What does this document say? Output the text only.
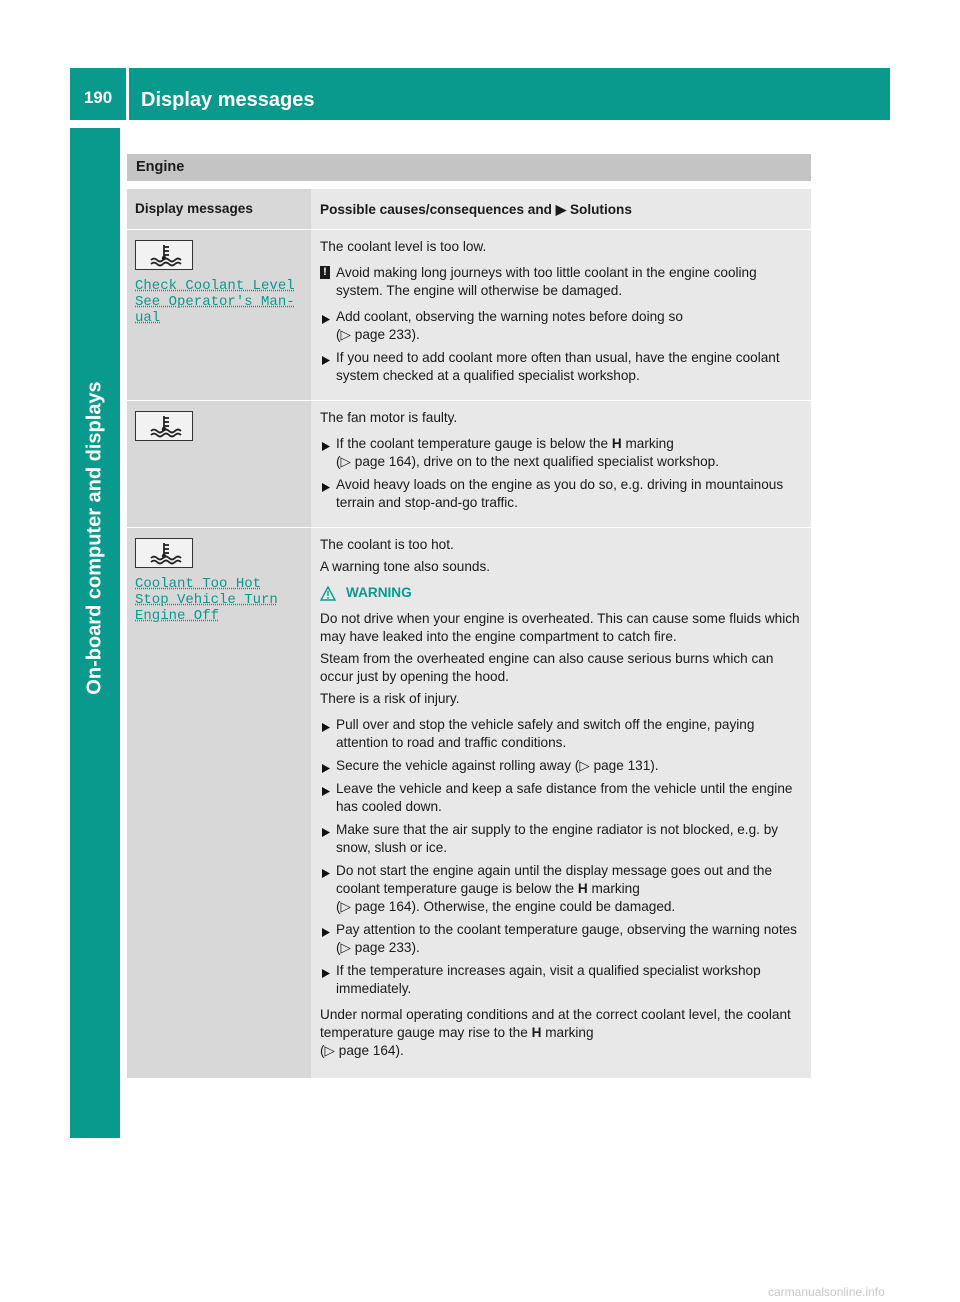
190	Display messages
On-board computer and displays
Engine
Display messages	Possible causes/consequences and ▶ Solutions
Check Coolant Level
See Operator's Man-
ual

The coolant level is too low.

! Avoid making long journeys with too little coolant in the engine cooling system. The engine will otherwise be damaged.
Add coolant, observing the warning notes before doing so
(▷ page 233).
If you need to add coolant more often than usual, have the engine coolant system checked at a qualified specialist workshop.

The fan motor is faulty.

If the coolant temperature gauge is below the H marking
(▷ page 164), drive on to the next qualified specialist workshop.
Avoid heavy loads on the engine as you do so, e.g. driving in mountainous terrain and stop-and-go traffic.
Coolant Too Hot
Stop Vehicle Turn
Engine Off

The coolant is too hot.

A warning tone also sounds.

WARNING

Do not drive when your engine is overheated. This can cause some fluids which may have leaked into the engine compartment to catch fire.

Steam from the overheated engine can also cause serious burns which can occur just by opening the hood.

There is a risk of injury.

Pull over and stop the vehicle safely and switch off the engine, paying attention to road and traffic conditions.
Secure the vehicle against rolling away (▷ page 131).
Leave the vehicle and keep a safe distance from the vehicle until the engine has cooled down.
Make sure that the air supply to the engine radiator is not blocked, e.g. by snow, slush or ice.
Do not start the engine again until the display message goes out and the coolant temperature gauge is below the H marking
(▷ page 164). Otherwise, the engine could be damaged.
Pay attention to the coolant temperature gauge, observing the warning notes (▷ page 233).
If the temperature increases again, visit a qualified specialist workshop immediately.

Under normal operating conditions and at the correct coolant level, the coolant temperature gauge may rise to the H marking
(▷ page 164).

carmanualsonline.info
